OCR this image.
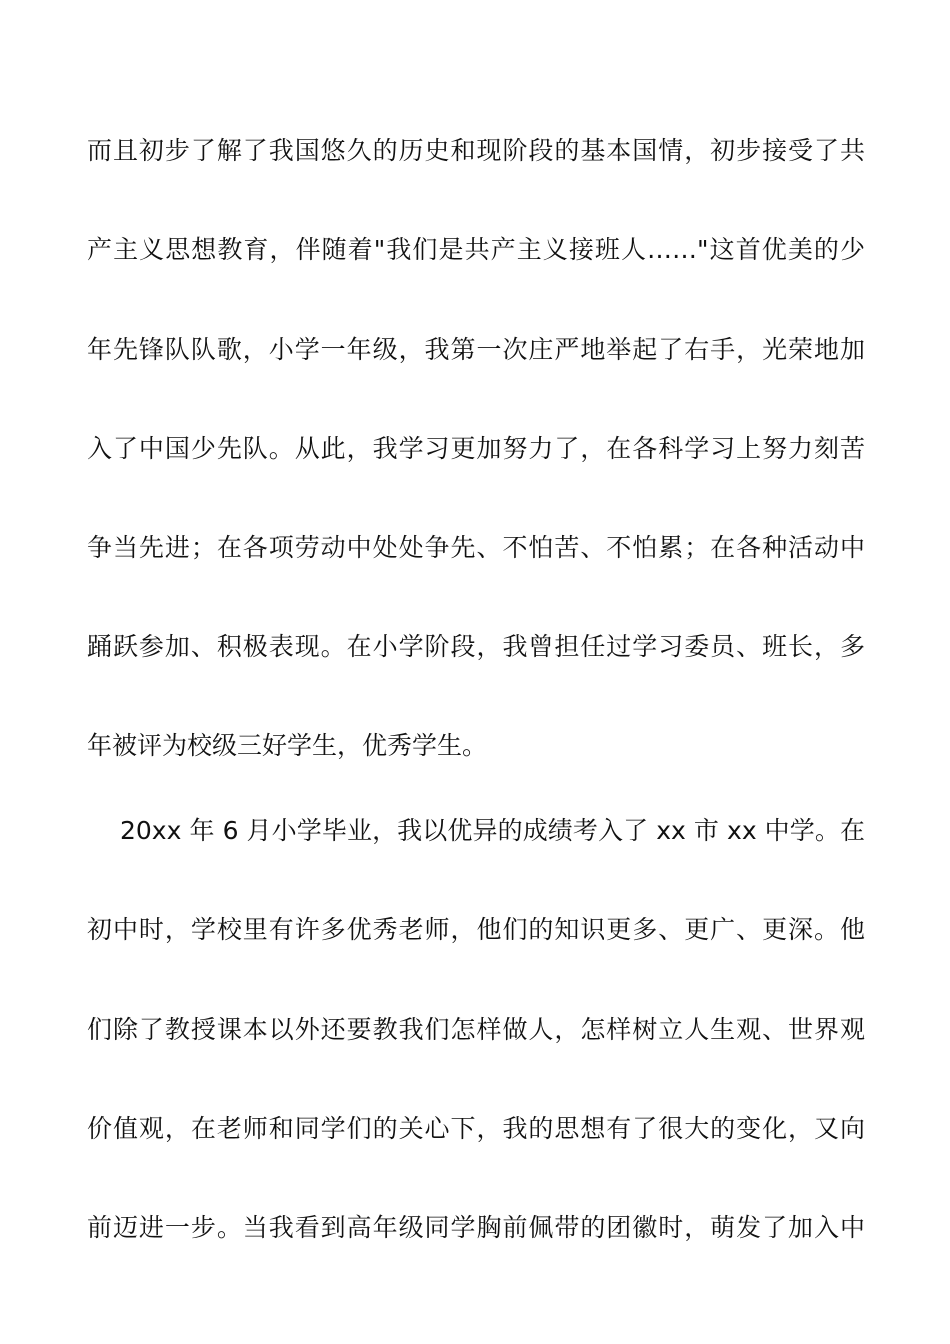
而且初步了解了我国悠久的历史和现阶段的基本国情，初步接受了共
产主义思想教育，伴随着"我们是共产主义接班人……"这首优美的少
年先锋队队歌，小学一年级，我第一次庄严地举起了右手，光荣地加
入了中国少先队。从此，我学习更加努力了，在各科学习上努力刻苦
争当先进；在各项劳动中处处争先、不怕苦、不怕累；在各种活动中
踊跃参加、积极表现。在小学阶段，我曾担任过学习委员、班长，多
年被评为校级三好学生，优秀学生。
20xx 年 6 月小学毕业，我以优异的成绩考入了 xx 市 xx 中学。在
初中时，学校里有许多优秀老师，他们的知识更多、更广、更深。他
们除了教授课本以外还要教我们怎样做人，怎样树立人生观、世界观
价值观，在老师和同学们的关心下，我的思想有了很大的变化，又向
前迈进一步。当我看到高年级同学胸前佩带的团徽时，萌发了加入中
